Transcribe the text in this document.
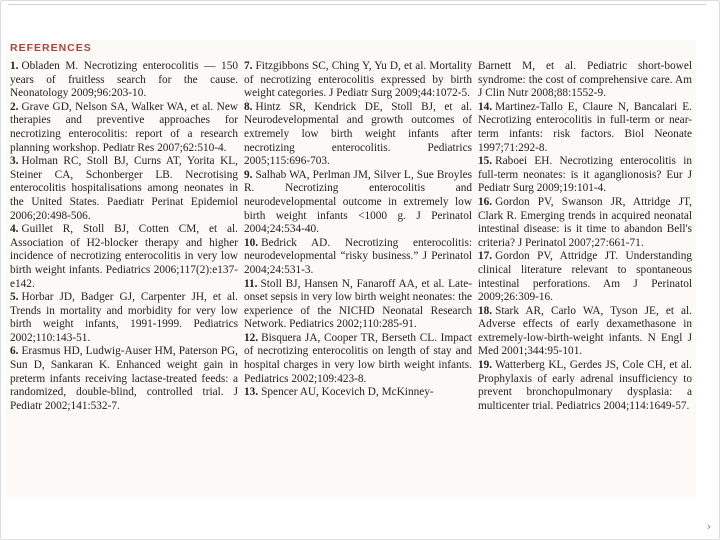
REFERENCES

1. Obladen M. Necrotizing enterocolitis — 150 years of fruitless search for the cause. Neonatology 2009;96:203-10.

2. Grave GD, Nelson SA, Walker WA, et al. New therapies and preventive approaches for necrotizing enterocolitis: report of a research planning workshop. Pediatr Res 2007;62:510-4.

3. Holman RC, Stoll BJ, Curns AT, Yorita KL, Steiner CA, Schonberger LB. Necrotising enterocolitis hospitalisations among neonates in the United States. Paediatr Perinat Epidemiol 2006;20:498-506.

4. Guillet R, Stoll BJ, Cotten CM, et al. Association of H2-blocker therapy and higher incidence of necrotizing enterocolitis in very low birth weight infants. Pediatrics 2006;117(2):e137-e142.

5. Horbar JD, Badger GJ, Carpenter JH, et al. Trends in mortality and morbidity for very low birth weight infants, 1991-1999. Pediatrics 2002;110:143-51.

6. Erasmus HD, Ludwig-Auser HM, Paterson PG, Sun D, Sankaran K. Enhanced weight gain in preterm infants receiving lactase-treated feeds: a randomized, double-blind, controlled trial. J Pediatr 2002;141:532-7.

7. Fitzgibbons SC, Ching Y, Yu D, et al. Mortality of necrotizing enterocolitis expressed by birth weight categories. J Pediatr Surg 2009;44:1072-5.

8. Hintz SR, Kendrick DE, Stoll BJ, et al. Neurodevelopmental and growth outcomes of extremely low birth weight infants after necrotizing enterocolitis. Pediatrics 2005;115:696-703.

9. Salhab WA, Perlman JM, Silver L, Sue Broyles R. Necrotizing enterocolitis and neurodevelopmental outcome in extremely low birth weight infants <1000 g. J Perinatol 2004;24:534-40.

10. Bedrick AD. Necrotizing enterocolitis: neurodevelopmental “risky business.” J Perinatol 2004;24:531-3.

11. Stoll BJ, Hansen N, Fanaroff AA, et al. Late-onset sepsis in very low birth weight neonates: the experience of the NICHD Neonatal Research Network. Pediatrics 2002;110:285-91.

12. Bisquera JA, Cooper TR, Berseth CL. Impact of necrotizing enterocolitis on length of stay and hospital charges in very low birth weight infants. Pediatrics 2002;109:423-8.

13. Spencer AU, Kocevich D, McKinney-

Barnett M, et al. Pediatric short-bowel syndrome: the cost of comprehensive care. Am J Clin Nutr 2008;88:1552-9.

14. Martinez-Tallo E, Claure N, Bancalari E. Necrotizing enterocolitis in full-term or near-term infants: risk factors. Biol Neonate 1997;71:292-8.

15. Raboei EH. Necrotizing enterocolitis in full-term neonates: is it aganglionosis? Eur J Pediatr Surg 2009;19:101-4.

16. Gordon PV, Swanson JR, Attridge JT, Clark R. Emerging trends in acquired neonatal intestinal disease: is it time to abandon Bell's criteria? J Perinatol 2007;27:661-71.

17. Gordon PV, Attridge JT. Understanding clinical literature relevant to spontaneous intestinal perforations. Am J Perinatol 2009;26:309-16.

18. Stark AR, Carlo WA, Tyson JE, et al. Adverse effects of early dexamethasone in extremely-low-birth-weight infants. N Engl J Med 2001;344:95-101.

19. Watterberg KL, Gerdes JS, Cole CH, et al. Prophylaxis of early adrenal insufficiency to prevent bronchopulmonary dysplasia: a multicenter trial. Pediatrics 2004;114:1649-57.

›
